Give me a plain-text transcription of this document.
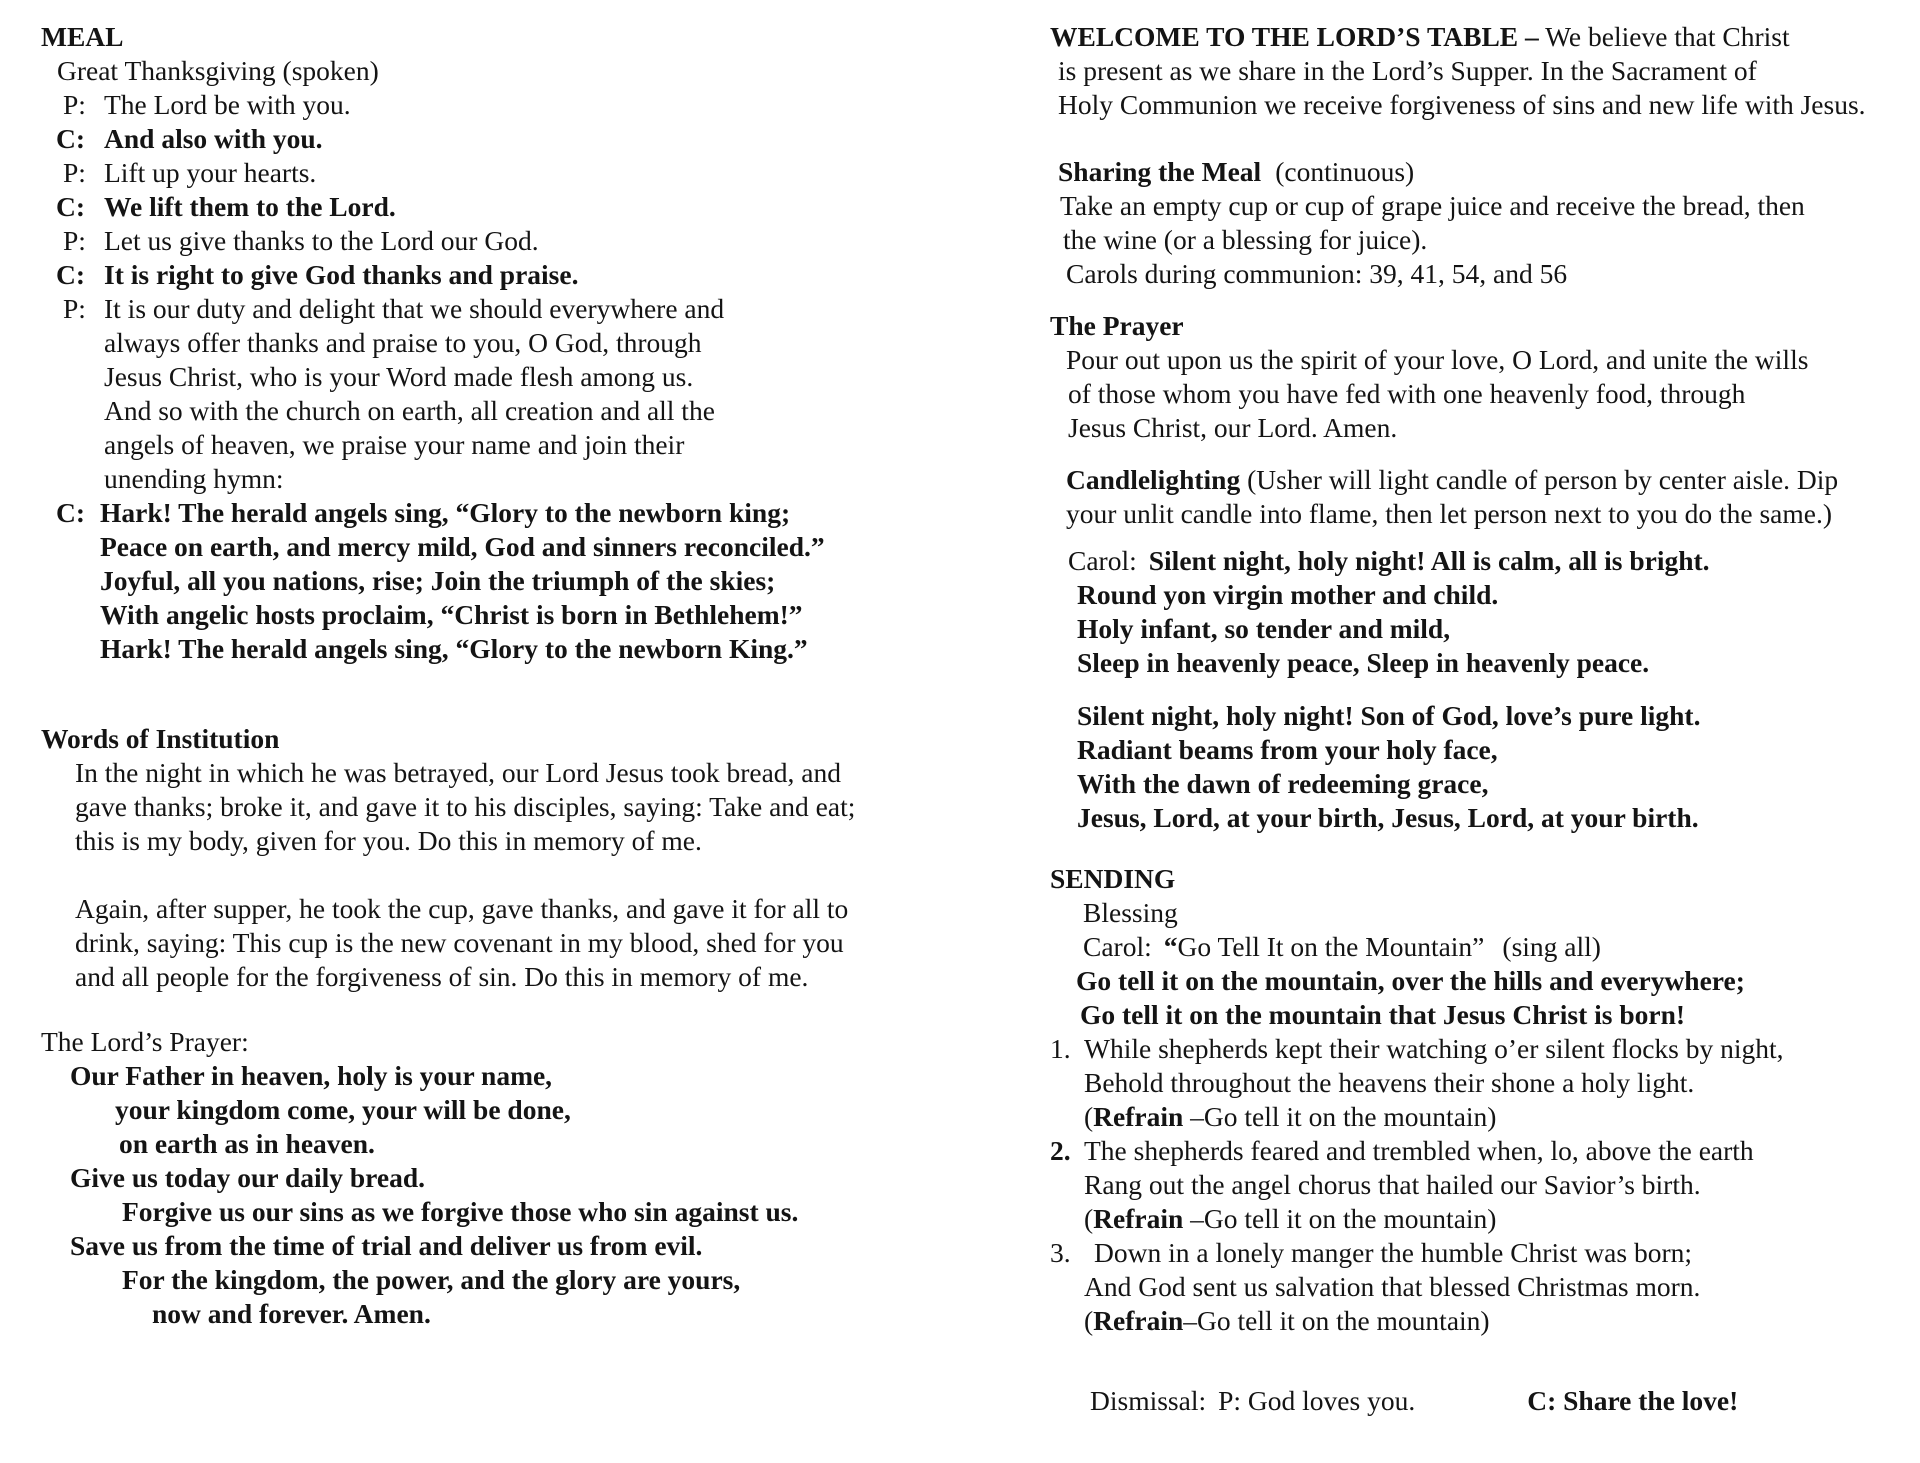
MEAL
Great Thanksgiving (spoken)
P: The Lord be with you.
C: And also with you.
P: Lift up your hearts.
C: We lift them to the Lord.
P: Let us give thanks to the Lord our God.
C: It is right to give God thanks and praise.
P: It is our duty and delight that we should everywhere and
always offer thanks and praise to you, O God, through
Jesus Christ, who is your Word made flesh among us.
And so with the church on earth, all creation and all the
angels of heaven, we praise your name and join their
unending hymn:
C: Hark! The herald angels sing, “Glory to the newborn king;
Peace on earth, and mercy mild, God and sinners reconciled.”
Joyful, all you nations, rise; Join the triumph of the skies;
With angelic hosts proclaim, “Christ is born in Bethlehem!”
Hark! The herald angels sing, “Glory to the newborn King.”
Words of Institution
In the night in which he was betrayed, our Lord Jesus took bread, and
gave thanks; broke it, and gave it to his disciples, saying: Take and eat;
this is my body, given for you. Do this in memory of me.
Again, after supper, he took the cup, gave thanks, and gave it for all to
drink, saying: This cup is the new covenant in my blood, shed for you
and all people for the forgiveness of sin. Do this in memory of me.
The Lord’s Prayer:
Our Father in heaven, holy is your name,
your kingdom come, your will be done,
on earth as in heaven.
Give us today our daily bread.
Forgive us our sins as we forgive those who sin against us.
Save us from the time of trial and deliver us from evil.
For the kingdom, the power, and the glory are yours,
now and forever. Amen.
WELCOME TO THE LORD’S TABLE – We believe that Christ
is present as we share in the Lord’s Supper. In the Sacrament of
Holy Communion we receive forgiveness of sins and new life with Jesus.
Sharing the Meal (continuous)
Take an empty cup or cup of grape juice and receive the bread, then
the wine (or a blessing for juice).
Carols during communion: 39, 41, 54, and 56
The Prayer
Pour out upon us the spirit of your love, O Lord, and unite the wills
of those whom you have fed with one heavenly food, through
Jesus Christ, our Lord. Amen.
Candlelighting (Usher will light candle of person by center aisle. Dip
your unlit candle into flame, then let person next to you do the same.)
Carol: Silent night, holy night! All is calm, all is bright.
Round yon virgin mother and child.
Holy infant, so tender and mild,
Sleep in heavenly peace, Sleep in heavenly peace.
Silent night, holy night! Son of God, love’s pure light.
Radiant beams from your holy face,
With the dawn of redeeming grace,
Jesus, Lord, at your birth, Jesus, Lord, at your birth.
SENDING
Blessing
Carol: “Go Tell It on the Mountain” (sing all)
Go tell it on the mountain, over the hills and everywhere;
Go tell it on the mountain that Jesus Christ is born!
1. While shepherds kept their watching o’er silent flocks by night,
Behold throughout the heavens their shone a holy light.
(Refrain –Go tell it on the mountain)
2. The shepherds feared and trembled when, lo, above the earth
Rang out the angel chorus that hailed our Savior’s birth.
(Refrain –Go tell it on the mountain)
3. Down in a lonely manger the humble Christ was born;
And God sent us salvation that blessed Christmas morn.
(Refrain–Go tell it on the mountain)
Dismissal: P: God loves you.	C: Share the love!
